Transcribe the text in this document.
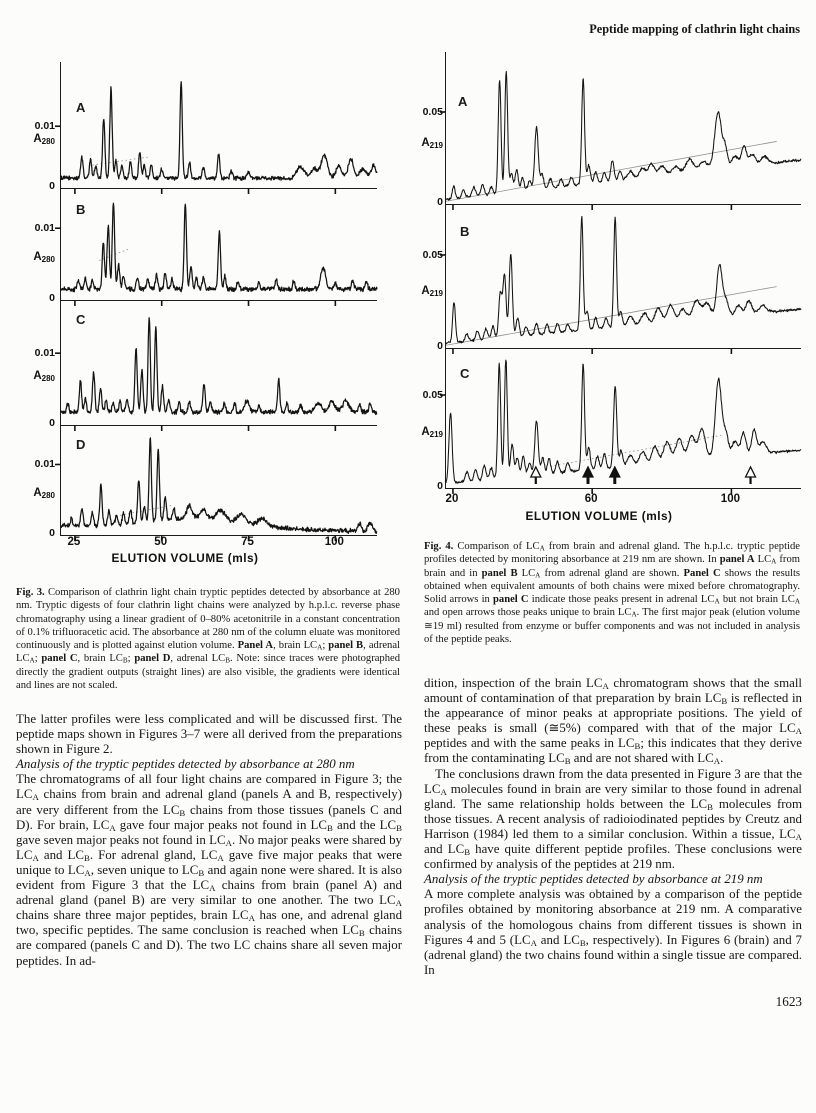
Peptide mapping of clathrin light chains
0.01
$A_{280}$
0
A
0.01
$A_{280}$
0
B
0.01
$A_{280}$
0
C
0.01
$A_{280}$
0
D
25	50	75	100
ELUTION VOLUME (mls)
Fig. 3. Comparison of clathrin light chain tryptic peptides detected by absorbance at 280 nm. Tryptic digests of four clathrin light chains were analyzed by h.p.l.c. reverse phase chromatography using a linear gradient of 0–80% acetonitrile in a constant concentration of 0.1% trifluoracetic acid. The absorbance at 280 nm of the column eluate was monitored continuously and is plotted against elution volume. Panel A, brain $LC_A$; panel B, adrenal $LC_A$; panel C, brain $LC_B$; panel D, adrenal $LC_B$. Note: since traces were photographed directly the gradient outputs (straight lines) are also visible, the gradients were identical and lines are not scaled.
0.05
$A_{219}$
0
A
0.05
$A_{219}$
0
B
0.05
$A_{219}$
0
C
20	60	100
ELUTION VOLUME (mls)
Fig. 4. Comparison of $LC_A$ from brain and adrenal gland. The h.p.l.c. tryptic peptide profiles detected by monitoring absorbance at 219 nm are shown. In panel A $LC_A$ from brain and in panel B $LC_A$ from adrenal gland are shown. Panel C shows the results obtained when equivalent amounts of both chains were mixed before chromatography. Solid arrows in panel C indicate those peaks present in adrenal $LC_A$ but not brain $LC_A$ and open arrows those peaks unique to brain $LC_A$. The first major peak (elution volume ≅19 ml) resulted from enzyme or buffer components and was not included in analysis of the peptide peaks.

The latter profiles were less complicated and will be discussed first. The peptide maps shown in Figures 3–7 were all derived from the preparations shown in Figure 2.

Analysis of the tryptic peptides detected by absorbance at 280 nm

The chromatograms of all four light chains are compared in Figure 3; the $LC_A$ chains from brain and adrenal gland (panels A and B, respectively) are very different from the $LC_B$ chains from those tissues (panels C and D). For brain, $LC_A$ gave four major peaks not found in $LC_B$ and the $LC_B$ gave seven major peaks not found in $LC_A$. No major peaks were shared by $LC_A$ and $LC_B$. For adrenal gland, $LC_A$ gave five major peaks that were unique to $LC_A$, seven unique to $LC_B$ and again none were shared. It is also evident from Figure 3 that the $LC_A$ chains from brain (panel A) and adrenal gland (panel B) are very similar to one another. The two $LC_A$ chains share three major peptides, brain $LC_A$ has one, and adrenal gland two, specific peptides. The same conclusion is reached when $LC_B$ chains are compared (panels C and D). The two LC chains share all seven major peptides. In ad-

dition, inspection of the brain $LC_A$ chromatogram shows that the small amount of contamination of that preparation by brain $LC_B$ is reflected in the appearance of minor peaks at appropriate positions. The yield of these peaks is small (≅5%) compared with that of the major $LC_A$ peptides and with the same peaks in $LC_B$; this indicates that they derive from the contaminating $LC_B$ and are not shared with $LC_A$.

The conclusions drawn from the data presented in Figure 3 are that the $LC_A$ molecules found in brain are very similar to those found in adrenal gland. The same relationship holds between the $LC_B$ molecules from those tissues. A recent analysis of radioiodinated peptides by Creutz and Harrison (1984) led them to a similar conclusion. Within a tissue, $LC_A$ and $LC_B$ have quite different peptide profiles. These conclusions were confirmed by analysis of the peptides at 219 nm.

Analysis of the tryptic peptides detected by absorbance at 219 nm

A more complete analysis was obtained by a comparison of the peptide profiles obtained by monitoring absorbance at 219 nm. A comparative analysis of the homologous chains from different tissues is shown in Figures 4 and 5 ($LC_A$ and $LC_B$, respectively). In Figures 6 (brain) and 7 (adrenal gland) the two chains found within a single tissue are compared. In

1623
